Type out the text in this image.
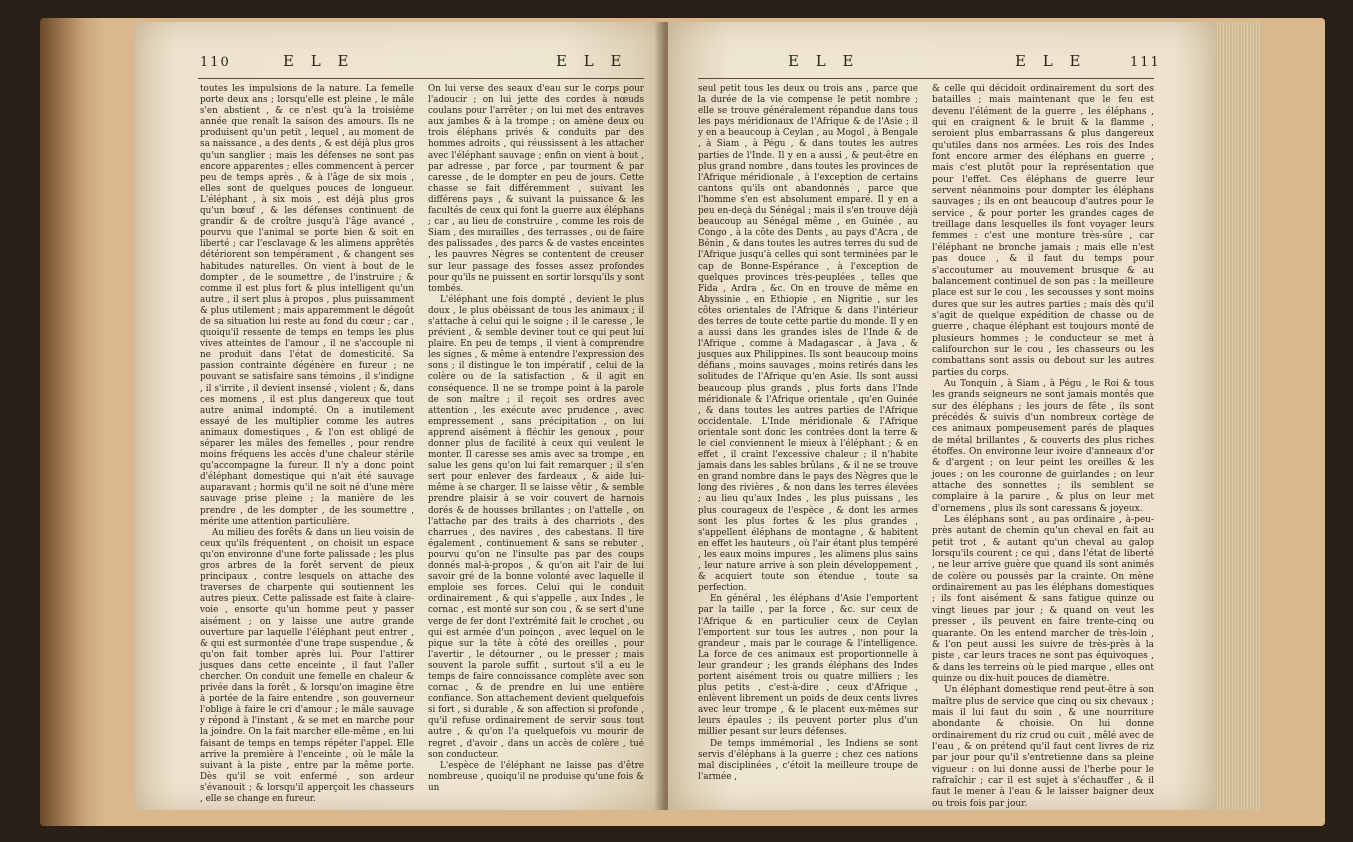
110	E L E	E L E

toutes les impulsions de la nature. La femelle porte deux ans ; lorsqu'elle est pleine , le mâle s'en abstient , & ce n'est qu'à la troisième année que renaît la saison des amours. Ils ne produisent qu'un petit , lequel , au moment de sa naissance , a des dents , & est déjà plus gros qu'un sanglier ; mais les défenses ne sont pas encore apparentes ; elles commencent à percer peu de temps après , & à l'âge de six mois , elles sont de quelques pouces de longueur. L'éléphant , à six mois , est déjà plus gros qu'un bœuf , & les défenses continuent de grandir & de croître jusqu'à l'âge avancé , pourvu que l'animal se porte bien & soit en liberté ; car l'esclavage & les alimens apprêtés détériorent son tempérament , & changent ses habitudes naturelles. On vient à bout de le dompter , de le soumettre , de l'instruire ; & comme il est plus fort & plus intelligent qu'un autre , il sert plus à propos , plus puissamment & plus utilement ; mais apparemment le dégoût de sa situation lui reste au fond du cœur ; car , quoiqu'il ressente de temps en temps les plus vives atteintes de l'amour , il ne s'accouple ni ne produit dans l'état de domesticité. Sa passion contrainte dégénère en fureur ; ne pouvant se satisfaire sans témoins , il s'indigne , il s'irrite , il devient insensé , violent ; &, dans ces momens , il est plus dangereux que tout autre animal indompté. On a inutilement essayé de les multiplier comme les autres animaux domestiques , & l'on est obligé de séparer les mâles des femelles , pour rendre moins fréquens les accès d'une chaleur stérile qu'accompagne la fureur. Il n'y a donc point d'éléphant domestique qui n'ait été sauvage auparavant ; hormis qu'il ne soit né d'une mère sauvage prise pleine ; la manière de les prendre , de les dompter , de les soumettre , mérite une attention particulière.

Au milieu des forêts & dans un lieu voisin de ceux qu'ils fréquentent , on choisit un espace qu'on environne d'une forte palissade ; les plus gros arbres de la forêt servent de pieux principaux , contre lesquels on attache des traverses de charpente qui soutiennent les autres pieux. Cette palissade est faite à claire-voie , ensorte qu'un homme peut y passer aisément ; on y laisse une autre grande ouverture par laquelle l'éléphant peut entrer , & qui est surmontée d'une trape suspendue , & qu'on fait tomber après lui. Pour l'attirer jusques dans cette enceinte , il faut l'aller chercher. On conduit une femelle en chaleur & privée dans la forêt , & lorsqu'on imagine être à portée de la faire entendre , son gouverneur l'oblige à faire le cri d'amour ; le mâle sauvage y répond à l'instant , & se met en marche pour la joindre. On la fait marcher elle-même , en lui faisant de temps en temps répéter l'appel. Elle arrive la première à l'enceinte , où le mâle la suivant à la piste , entre par la même porte. Dès qu'il se voit enfermé , son ardeur s'évanouit ; & lorsqu'il apperçoit les chasseurs , elle se change en fureur.

On lui verse des seaux d'eau sur le corps pour l'adoucir ; on lui jette des cordes à nœuds coulans pour l'arrêter ; on lui met des entraves aux jambes & à la trompe ; on amène deux ou trois éléphans privés & conduits par des hommes adroits , qui réussissent à les attacher avec l'éléphant sauvage ; enfin on vient à bout , par adresse , par force , par tourment & par caresse , de le dompter en peu de jours. Cette chasse se fait différemment , suivant les différens pays , & suivant la puissance & les facultés de ceux qui font la guerre aux éléphans ; car , au lieu de construire , comme les rois de Siam , des murailles , des terrasses , ou de faire des palissades , des parcs & de vastes enceintes , les pauvres Nègres se contentent de creuser sur leur passage des fosses assez profondes pour qu'ils ne puissent en sortir lorsqu'ils y sont tombés.

L'éléphant une fois dompté , devient le plus doux , le plus obéissant de tous les animaux ; il s'attache à celui qui le soigne ; il le caresse , le prévient , & semble deviner tout ce qui peut lui plaire. En peu de temps , il vient à comprendre les signes , & même à entendre l'expression des sons ; il distingue le ton impératif , celui de la colère ou de la satisfaction , & il agit en conséquence. Il ne se trompe point à la parole de son maître ; il reçoit ses ordres avec attention , les exécute avec prudence , avec empressement , sans précipitation , on lui apprend aisément à fléchir les genoux , pour donner plus de facilité à ceux qui veulent le monter. Il caresse ses amis avec sa trompe , en salue les gens qu'on lui fait remarquer ; il s'en sert pour enlever des fardeaux , & aide lui-même à se charger. Il se laisse vêtir , & semble prendre plaisir à se voir couvert de harnois dorés & de housses brillantes ; on l'attelle , on l'attache par des traits à des charriots , des charrues , des navires , des cabestans. Il tire également , continuement & sans se rebuter , pourvu qu'on ne l'insulte pas par des coups donnés mal-à-propos , & qu'on ait l'air de lui savoir gré de la bonne volonté avec laquelle il emploie ses forces. Celui qui le conduit ordinairement , & qui s'appelle , aux Indes , le cornac , est monté sur son cou , & se sert d'une verge de fer dont l'extrémité fait le crochet , ou qui est armée d'un poinçon , avec lequel on le pique sur la tête à côté des oreilles , pour l'avertir , le détourner , ou le presser ; mais souvent la parole suffit , surtout s'il a eu le temps de faire connoissance complète avec son cornac , & de prendre en lui une entière confiance. Son attachement devient quelquefois si fort , si durable , & son affection si profonde , qu'il refuse ordinairement de servir sous tout autre , & qu'on l'a quelquefois vu mourir de regret , d'avoir , dans un accès de colère , tué son conducteur.

L'espèce de l'éléphant ne laisse pas d'être nombreuse , quoiqu'il ne produise qu'une fois & un

E L E	E L E	111

seul petit tous les deux ou trois ans , parce que la durée de la vie compense le petit nombre ; elle se trouve généralement répandue dans tous les pays méridionaux de l'Afrique & de l'Asie ; il y en a beaucoup à Ceylan , au Mogol , à Bengale , à Siam , à Pégu , & dans toutes les autres parties de l'Inde. Il y en a aussi , & peut-être en plus grand nombre , dans toutes les provinces de l'Afrique méridionale , à l'exception de certains cantons qu'ils ont abandonnés , parce que l'homme s'en est absolument emparé. Il y en a peu en-deçà du Sénégal ; mais il s'en trouve déjà beaucoup au Sénégal même , en Guinée , au Congo , à la côte des Dents , au pays d'Acra , de Bénin , & dans toutes les autres terres du sud de l'Afrique jusqu'à celles qui sont terminées par le cap de Bonne-Espérance , à l'exception de quelques provinces très-peuplées , telles que Fida , Ardra , &c. On en trouve de même en Abyssinie , en Ethiopie , en Nigritie , sur les côtes orientales de l'Afrique & dans l'intérieur des terres de toute cette partie du monde. Il y en a aussi dans les grandes isles de l'Inde & de l'Afrique , comme à Madagascar , à Java , & jusques aux Philippines. Ils sont beaucoup moins défians , moins sauvages , moins retirés dans les solitudes de l'Afrique qu'en Asie. Ils sont aussi beaucoup plus grands , plus forts dans l'Inde méridionale & l'Afrique orientale , qu'en Guinée , & dans toutes les autres parties de l'Afrique occidentale. L'Inde méridionale & l'Afrique orientale sont donc les contrées dont la terre & le ciel conviennent le mieux à l'éléphant ; & en effet , il craint l'excessive chaleur ; il n'habite jamais dans les sables brûlans , & il ne se trouve en grand nombre dans le pays des Nègres que le long des rivières , & non dans les terres élevées ; au lieu qu'aux Indes , les plus puissans , les plus courageux de l'espèce , & dont les armes sont les plus fortes & les plus grandes , s'appellent éléphans de montagne , & habitent en effet les hauteurs , où l'air étant plus tempéré , les eaux moins impures , les alimens plus sains , leur nature arrive à son plein développement , & acquiert toute son étendue , toute sa perfection.

En général , les éléphans d'Asie l'emportent par la taille , par la force , &c. sur ceux de l'Afrique & en particulier ceux de Ceylan l'emportent sur tous les autres , non pour la grandeur , mais par le courage & l'intelligence. La force de ces animaux est proportionnelle à leur grandeur ; les grands éléphans des Indes portent aisément trois ou quatre milliers ; les plus petits , c'est-à-dire , ceux d'Afrique , enlèvent librement un poids de deux cents livres avec leur trompe , & le placent eux-mêmes sur leurs épaules ; ils peuvent porter plus d'un millier pesant sur leurs défenses.

De temps immémorial , les Indiens se sont servis d'éléphans à la guerre ; chez ces nations mal disciplinées , c'étoit la meilleure troupe de l'armée ,

& celle qui décidoit ordinairement du sort des batailles ; mais maintenant que le feu est devenu l'élément de la guerre , les éléphans , qui en craignent & le bruit & la flamme , seroient plus embarrassans & plus dangereux qu'utiles dans nos armées. Les rois des Indes font encore armer des éléphans en guerre , mais c'est plutôt pour la représentation que pour l'effet. Ces éléphans de guerre leur servent néanmoins pour dompter les éléphans sauvages ; ils en ont beaucoup d'autres pour le service , & pour porter les grandes cages de treillage dans lesquelles ils font voyager leurs femmes : c'est une monture très-sûre , car l'éléphant ne bronche jamais ; mais elle n'est pas douce , & il faut du temps pour s'accoutumer au mouvement brusque & au balancement continuel de son pas : la meilleure place est sur le cou , les secousses y sont moins dures que sur les autres parties ; mais dès qu'il s'agit de quelque expédition de chasse ou de guerre , chaque éléphant est toujours monté de plusieurs hommes ; le conducteur se met à califourchon sur le cou , les chasseurs ou les combattans sont assis ou debout sur les autres parties du corps.

Au Tonquin , à Siam , à Pégu , le Roi & tous les grands seigneurs ne sont jamais montés que sur des éléphans ; les jours de fête , ils sont précédés & suivis d'un nombreux cortège de ces animaux pompeusement parés de plaques de métal brillantes , & couverts des plus riches étoffes. On environne leur ivoire d'anneaux d'or & d'argent ; on leur peint les oreilles & les joues ; on les couronne de guirlandes ; on leur attache des sonnettes ; ils semblent se complaire à la parure , & plus on leur met d'ornemens , plus ils sont caressans & joyeux.

Les éléphans sont , au pas ordinaire , à-peu-près autant de chemin qu'un cheval en fait au petit trot , & autant qu'un cheval au galop lorsqu'ils courent ; ce qui , dans l'état de liberté , ne leur arrive guère que quand ils sont animés de colère ou poussés par la crainte. On mène ordinairement au pas les éléphans domestiques ; ils font aisément & sans fatigue quinze ou vingt lieues par jour ; & quand on veut les presser , ils peuvent en faire trente-cinq ou quarante. On les entend marcher de très-loin , & l'on peut aussi les suivre de très-près à la piste , car leurs traces ne sont pas équivoques , & dans les terreins où le pied marque , elles ont quinze ou dix-huit pouces de diamètre.

Un éléphant domestique rend peut-être à son maître plus de service que cinq ou six chevaux ; mais il lui faut du soin , & une nourriture abondante & choisie. On lui donne ordinairement du riz crud ou cuit , mêlé avec de l'eau , & on prétend qu'il faut cent livres de riz par jour pour qu'il s'entretienne dans sa pleine vigueur : on lui donne aussi de l'herbe pour le rafraîchir ; car il est sujet à s'échauffer , & il faut le mener à l'eau & le laisser baigner deux ou trois fois par jour.
